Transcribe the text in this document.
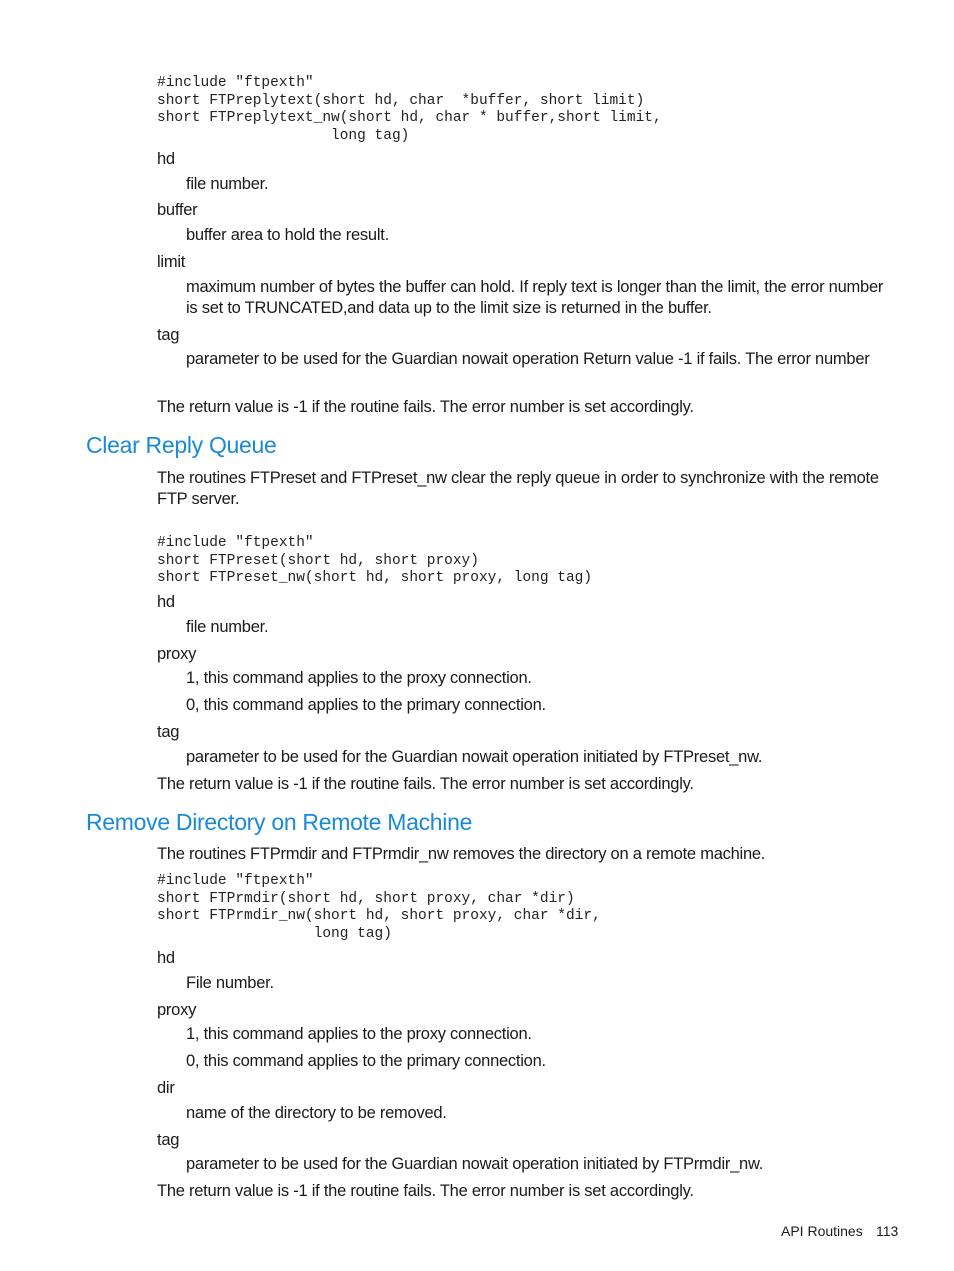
#include "ftpexth"
short FTPreplytext(short hd, char  *buffer, short limit)
short FTPreplytext_nw(short hd, char * buffer,short limit,
long tag)
hd
file number.
buffer
buffer area to hold the result.
limit
maximum number of bytes the buffer can hold. If reply text is longer than the limit, the error number is set to TRUNCATED,and data up to the limit size is returned in the buffer.
tag
parameter to be used for the Guardian nowait operation Return value -1 if fails. The error number
The return value is -1 if the routine fails. The error number is set accordingly.
Clear Reply Queue
The routines FTPreset and FTPreset_nw clear the reply queue in order to synchronize with the remote FTP server.
#include "ftpexth"
short FTPreset(short hd, short proxy)
short FTPreset_nw(short hd, short proxy, long tag)
hd
file number.
proxy
1, this command applies to the proxy connection.
0, this command applies to the primary connection.
tag
parameter to be used for the Guardian nowait operation initiated by FTPreset_nw.
The return value is -1 if the routine fails. The error number is set accordingly.
Remove Directory on Remote Machine
The routines FTPrmdir and FTPrmdir_nw removes the directory on a remote machine.
#include "ftpexth"
short FTPrmdir(short hd, short proxy, char *dir)
short FTPrmdir_nw(short hd, short proxy, char *dir,
long tag)
hd
File number.
proxy
1, this command applies to the proxy connection.
0, this command applies to the primary connection.
dir
name of the directory to be removed.
tag
parameter to be used for the Guardian nowait operation initiated by FTPrmdir_nw.
The return value is -1 if the routine fails. The error number is set accordingly.
API Routines 113
